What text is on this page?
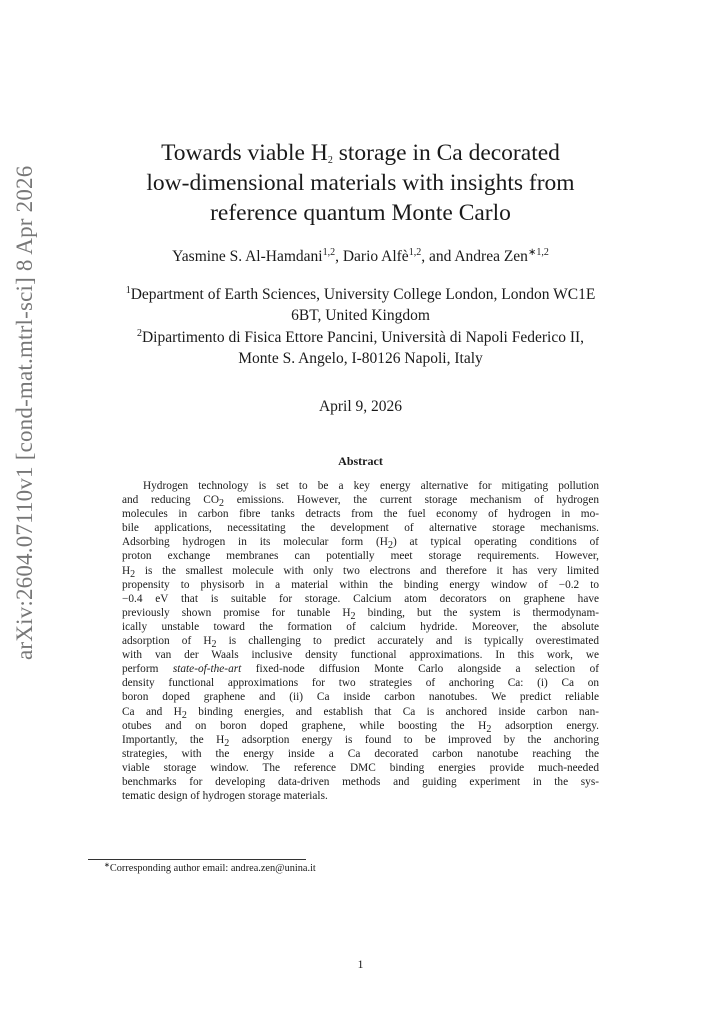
arXiv:2604.07110v1 [cond-mat.mtrl-sci] 8 Apr 2026
Towards viable $H_2$ storage in Ca decorated
low-dimensional materials with insights from
reference quantum Monte Carlo
Yasmine S. Al-Hamdani$^{1,2}$, Dario Alfè$^{1,2}$, and Andrea Zen$^{∗1,2}$
$^1$Department of Earth Sciences, University College London, London WC1E
6BT, United Kingdom
$^2$Dipartimento di Fisica Ettore Pancini, Università di Napoli Federico II,
Monte S. Angelo, I-80126 Napoli, Italy
April 9, 2026
Abstract
Hydrogen technology is set to be a key energy alternative for mitigating pollution
and reducing $CO_2$ emissions. However, the current storage mechanism of hydrogen
molecules in carbon fibre tanks detracts from the fuel economy of hydrogen in mo-
bile applications, necessitating the development of alternative storage mechanisms.
Adsorbing hydrogen in its molecular form $(H_2)$ at typical operating conditions of
proton exchange membranes can potentially meet storage requirements. However,
$H_2$ is the smallest molecule with only two electrons and therefore it has very limited
propensity to physisorb in a material within the binding energy window of −0.2 to
−0.4 eV that is suitable for storage. Calcium atom decorators on graphene have
previously shown promise for tunable $H_2$ binding, but the system is thermodynam-
ically unstable toward the formation of calcium hydride. Moreover, the absolute
adsorption of $H_2$ is challenging to predict accurately and is typically overestimated
with van der Waals inclusive density functional approximations. In this work, we
perform state-of-the-art fixed-node diffusion Monte Carlo alongside a selection of
density functional approximations for two strategies of anchoring Ca: (i) Ca on
boron doped graphene and (ii) Ca inside carbon nanotubes. We predict reliable
Ca and $H_2$ binding energies, and establish that Ca is anchored inside carbon nan-
otubes and on boron doped graphene, while boosting the $H_2$ adsorption energy.
Importantly, the $H_2$ adsorption energy is found to be improved by the anchoring
strategies, with the energy inside a Ca decorated carbon nanotube reaching the
viable storage window. The reference DMC binding energies provide much-needed
benchmarks for developing data-driven methods and guiding experiment in the sys-
tematic design of hydrogen storage materials.
∗Corresponding author email: andrea.zen@unina.it
1
